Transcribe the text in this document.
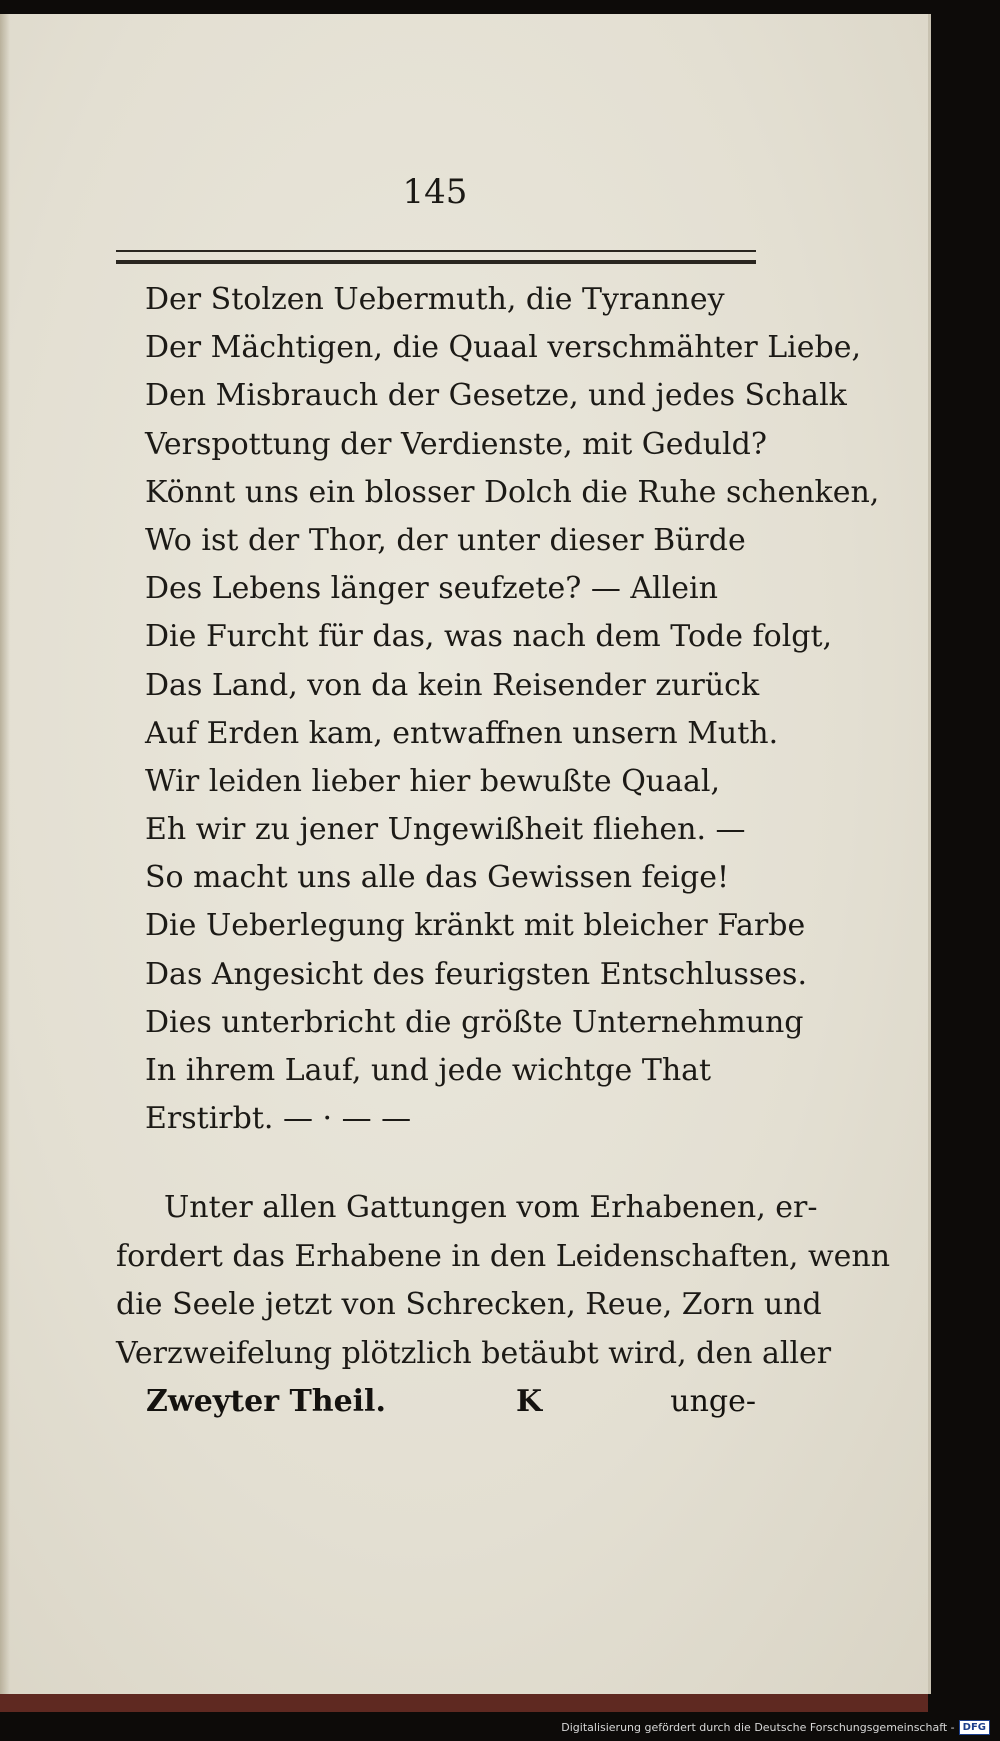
145
Der Stolzen Uebermuth, die Tyranney
Der Mächtigen, die Quaal verschmähter Liebe,
Den Misbrauch der Gesetze, und jedes Schalk
Verspottung der Verdienste, mit Geduld?
Könnt uns ein blosser Dolch die Ruhe schenken,
Wo ist der Thor, der unter dieser Bürde
Des Lebens länger seufzete? — Allein
Die Furcht für das, was nach dem Tode folgt,
Das Land, von da kein Reisender zurück
Auf Erden kam, entwaffnen unsern Muth.
Wir leiden lieber hier bewußte Quaal,
Eh wir zu jener Ungewißheit fliehen. —
So macht uns alle das Gewissen feige!
Die Ueberlegung kränkt mit bleicher Farbe
Das Angesicht des feurigsten Entschlusses.
Dies unterbricht die größte Unternehmung
In ihrem Lauf, und jede wichtge That
Erstirbt. — · — —
Unter allen Gattungen vom Erhabenen, er-
fordert das Erhabene in den Leidenschaften, wenn
die Seele jetzt von Schrecken, Reue, Zorn und
Verzweifelung plötzlich betäubt wird, den aller
Zweyter Theil.	K	unge-
Digitalisierung gefördert durch die Deutsche Forschungsgemeinschaft - DFG
